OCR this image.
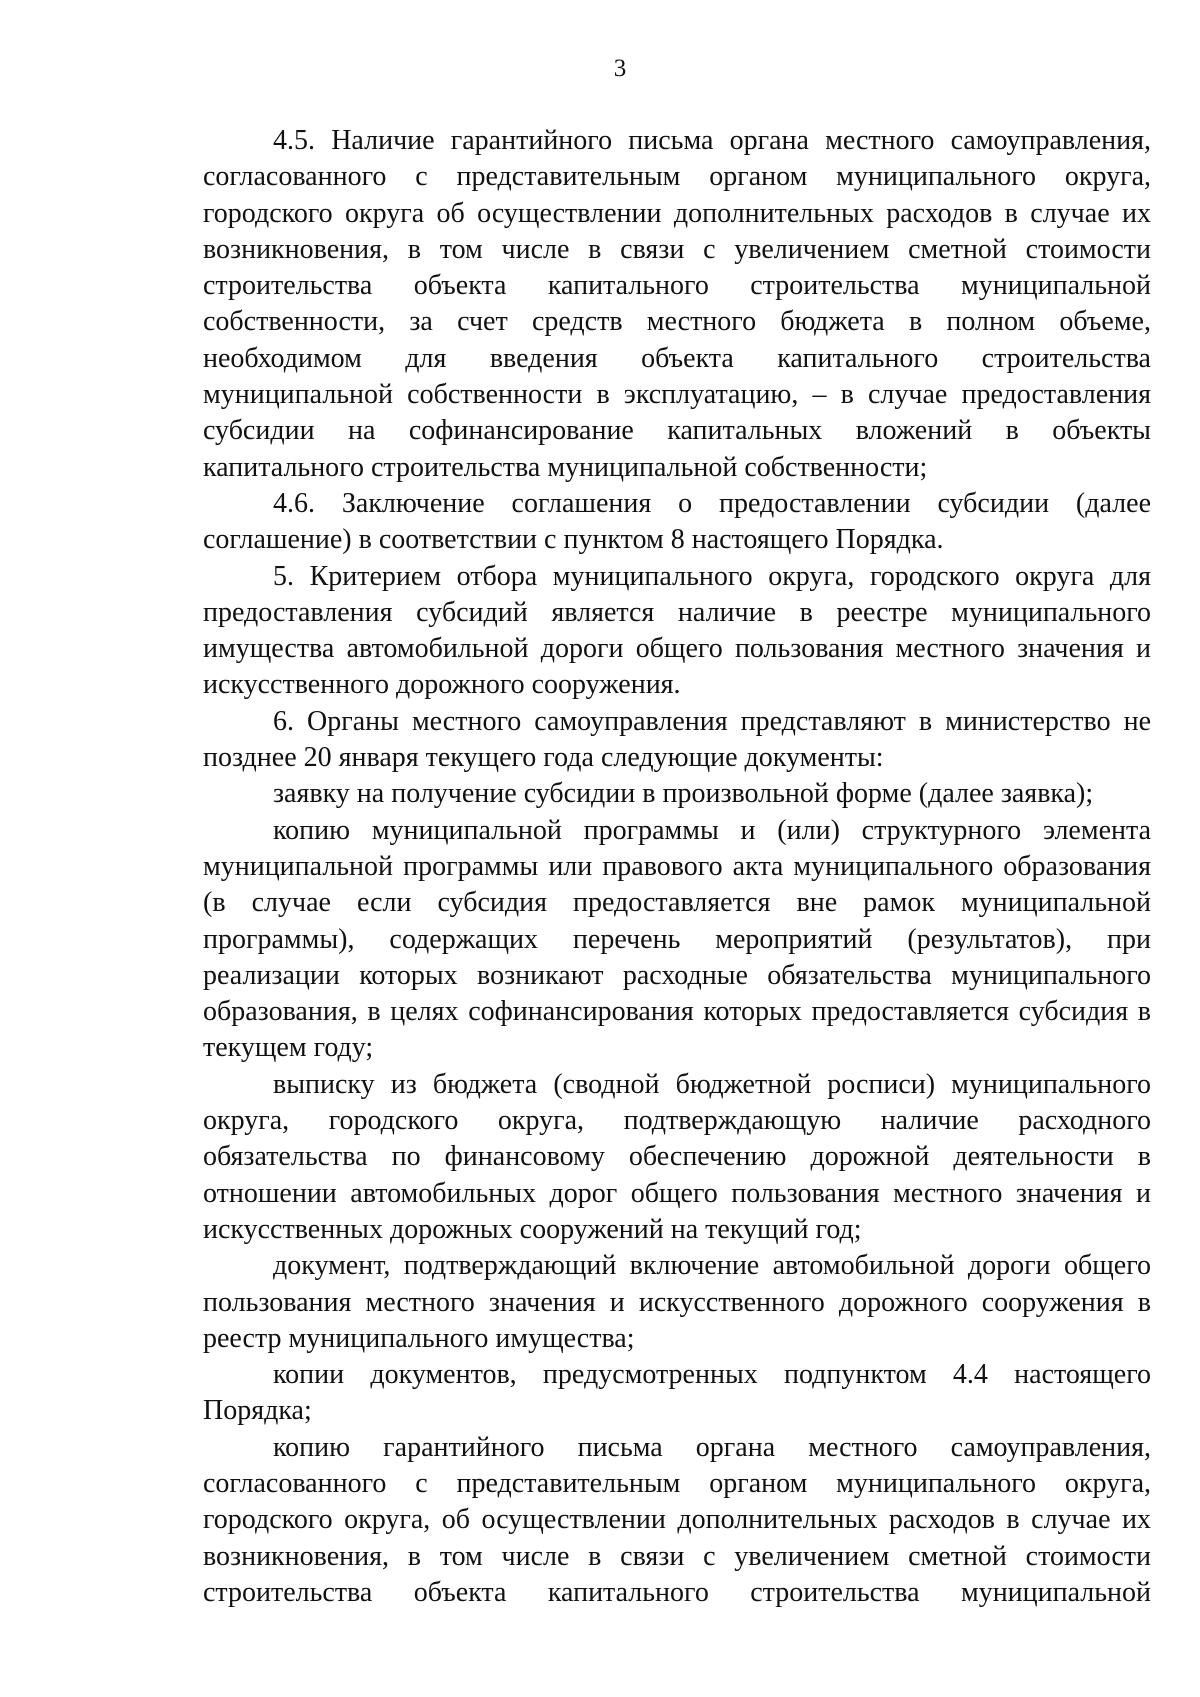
3

4.5. Наличие гарантийного письма органа местного самоуправления, согласованного с представительным органом муниципального округа, городского округа об осуществлении дополнительных расходов в случае их возникновения, в том числе в связи с увеличением сметной стоимости строительства объекта капитального строительства муниципальной собственности, за счет средств местного бюджета в полном объеме, необходимом для введения объекта капитального строительства муниципальной собственности в эксплуатацию, – в случае предоставления субсидии на софинансирование капитальных вложений в объекты капитального строительства муниципальной собственности;

4.6. Заключение соглашения о предоставлении субсидии (далее соглашение) в соответствии с пунктом 8 настоящего Порядка.

5. Критерием отбора муниципального округа, городского округа для предоставления субсидий является наличие в реестре муниципального имущества автомобильной дороги общего пользования местного значения и искусственного дорожного сооружения.

6. Органы местного самоуправления представляют в министерство не позднее 20 января текущего года следующие документы:

заявку на получение субсидии в произвольной форме (далее заявка);

копию муниципальной программы и (или) структурного элемента муниципальной программы или правового акта муниципального образования (в случае если субсидия предоставляется вне рамок муниципальной программы), содержащих перечень мероприятий (результатов), при реализации которых возникают расходные обязательства муниципального образования, в целях софинансирования которых предоставляется субсидия в текущем году;

выписку из бюджета (сводной бюджетной росписи) муниципального округа, городского округа, подтверждающую наличие расходного обязательства по финансовому обеспечению дорожной деятельности в отношении автомобильных дорог общего пользования местного значения и искусственных дорожных сооружений на текущий год;

документ, подтверждающий включение автомобильной дороги общего пользования местного значения и искусственного дорожного сооружения в реестр муниципального имущества;

копии документов, предусмотренных подпунктом 4.4 настоящего Порядка;

копию гарантийного письма органа местного самоуправления, согласованного с представительным органом муниципального округа, городского округа, об осуществлении дополнительных расходов в случае их возникновения, в том числе в связи с увеличением сметной стоимости строительства объекта капитального строительства муниципальной
